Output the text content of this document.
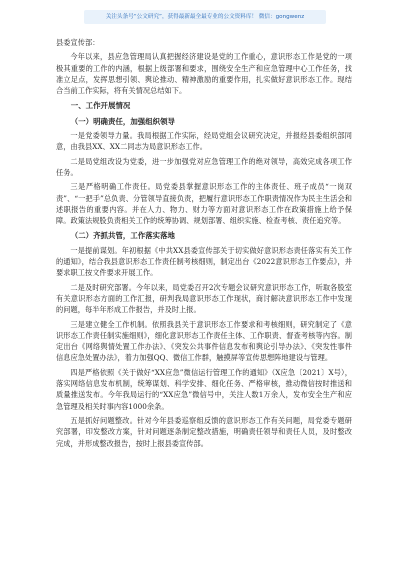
关注头条号“公文研究”，获得最新最全最专业的公文资料库！ 微信：gongwenz

县委宣传部：

今年以来，县应急管理局认真把握经济建设是党的工作重心，意识形态工作是党的一项极其重要的工作的内涵，根据上级部署和要求，围绕安全生产和应急管理中心工作任务，找准立足点，发挥思想引领、舆论推动、精神激励的重要作用，扎实做好意识形态工作。现结合当前工作实际，将有关情况总结如下。

一、工作开展情况
（一）明确责任，加强组织领导

一是党委领导力量。我局根据工作实际，经局党组会议研究决定，并报经县委组织部同意，由我县XX、XX二同志为局意识形态工作。

二是局党组改设为党委，进一步加强党对应急管理工作的绝对领导，高效完成各项工作任务。

三是严格明确工作责任。局党委县掌握意识形态工作的主体责任、班子成员“一岗双责”、“一把手”总负责、分管领导直接负责，把履行意识形态工作职责情况作为民主生活会和述职报告的重要内容。并在人力、物力、财力等方面对意识形态工作在政策措施上给予保障。政策法规股负责相关工作的统筹协调、规划部署、组织实施、检查考核、责任追究等。

（二）齐抓共管，工作落实落地

一是提前谋划。年初根据《中共XX县委宣传部关于切实做好意识形态责任落实有关工作的通知》，结合我县意识形态工作责任制考核细则，制定出台《2022意识形态工作要点》，并要求职工按文件要求开展工作。

二是及时研究部署。今年以来，局党委召开2次专题会议研究意识形态工作，听取各股室有关意识形态方面的工作汇报，研判我局意识形态工作现状，商讨解决意识形态工作中发现的问题，每半年形成工作报告，并及时上报。

三是建立健全工作机制。依照我县关于意识形态工作要求和考核细则，研究制定了《意识形态工作责任制实施细则》，细化意识形态工作责任主体、工作职责、督查考核等内容。制定出台《网络舆情处置工作办法》、《突发公共事件信息发布和舆论引导办法》、《突发性事件信息应急处置办法》，着力加强QQ、微信工作群，触摸屏等宣传思想阵地建设与管理。

四是严格依照《关于做好“XX应急”微信运行管理工作的通知》（X应急〔2021〕X号），落实网络信息发布机制，统筹谋划、科学安排、细化任务、严格审核，推动微信按时推送和质量推送发布。今年我局运行的“XX应急”微信号中，关注人数1万余人，发布安全生产和应急管理及相关时事内容1000余条。

五是抓好问题整改。针对今年县委巡察组反馈的意识形态工作有关问题，局党委专题研究部署，印发整改方案，针对问题逐条制定整改措施，明确责任领导和责任人员，及时整改完成，并形成整改报告，按时上报县委宣传部。
